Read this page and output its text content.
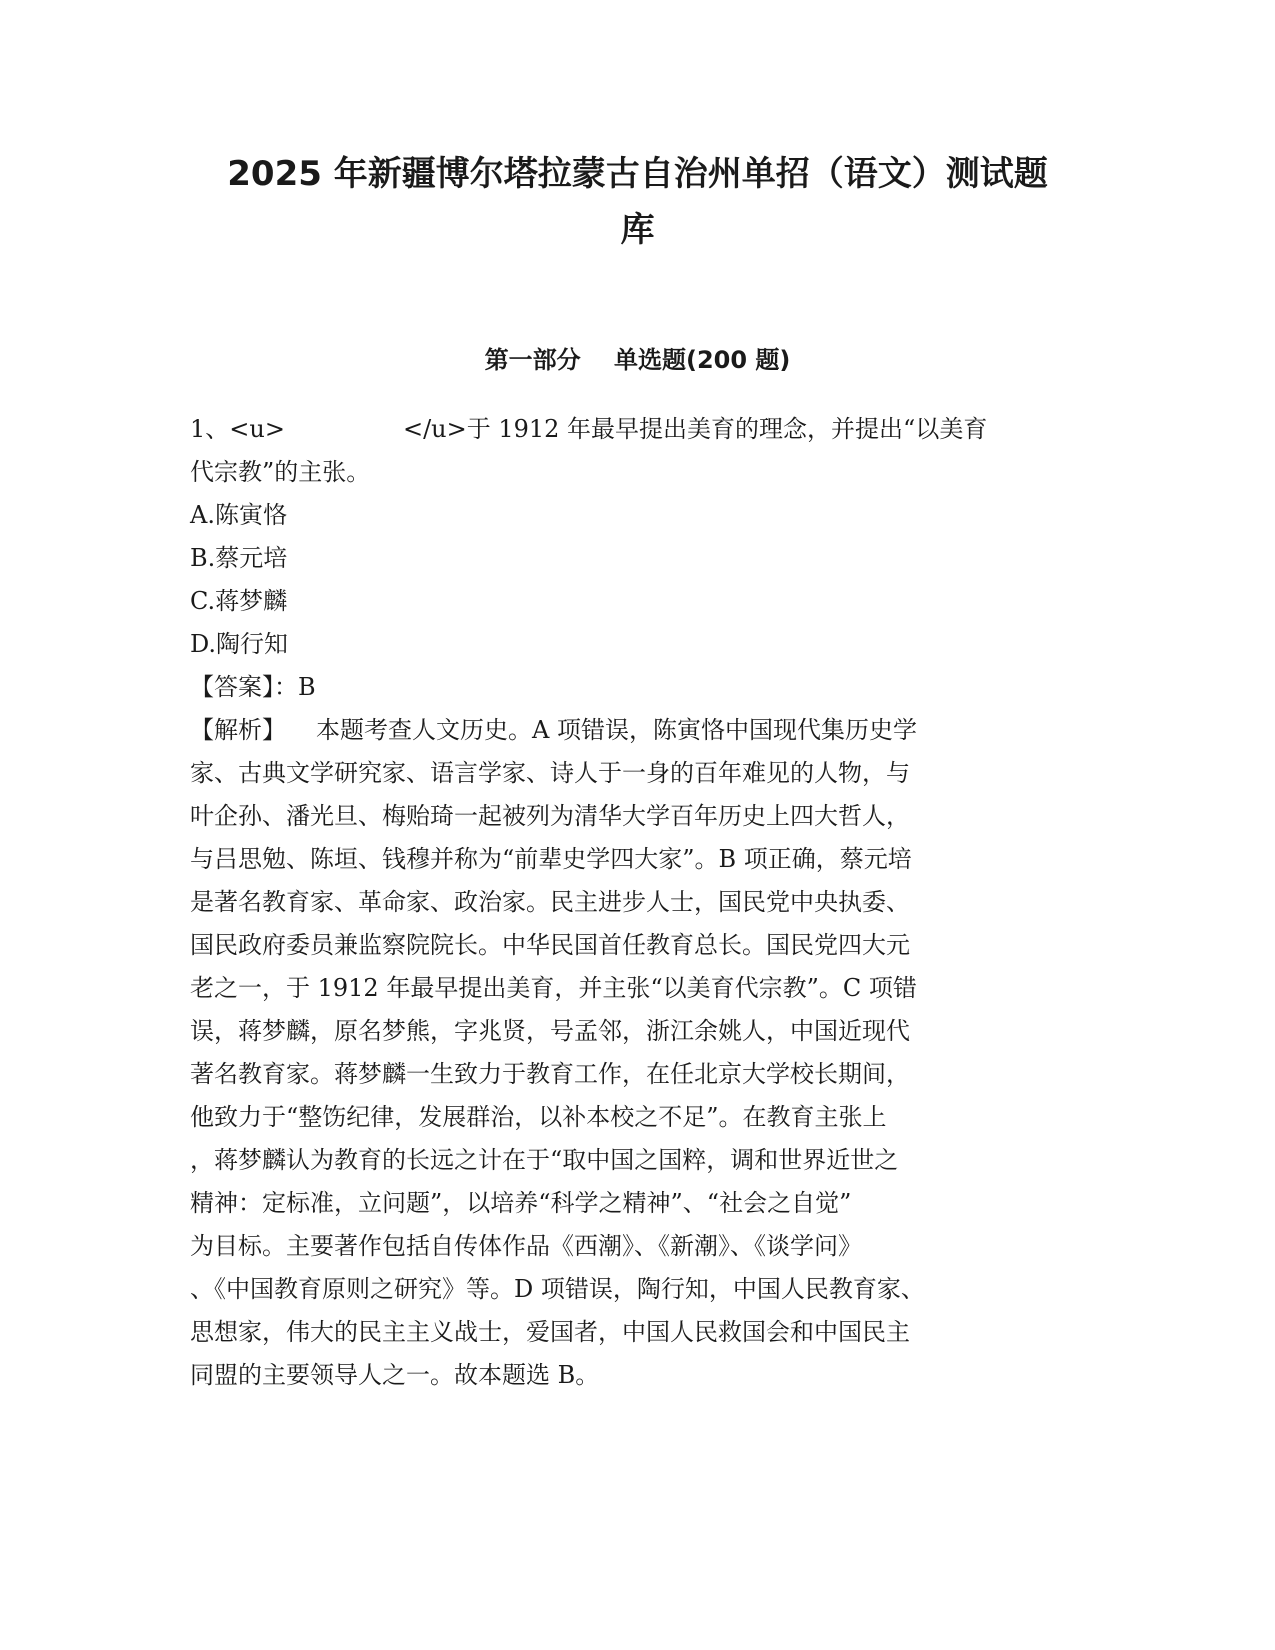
2025 年新疆博尔塔拉蒙古自治州单招（语文）测试题
库
第一部分    单选题(200 题)
1、<u>	</u>于 1912 年最早提出美育的理念，并提出“以美育
代宗教”的主张。
A.陈寅恪
B.蔡元培
C.蒋梦麟
D.陶行知
【答案】：B
【解析】 本题考查人文历史。A 项错误，陈寅恪中国现代集历史学
家、古典文学研究家、语言学家、诗人于一身的百年难见的人物，与
叶企孙、潘光旦、梅贻琦一起被列为清华大学百年历史上四大哲人，
与吕思勉、陈垣、钱穆并称为“前辈史学四大家”。B 项正确，蔡元培
是著名教育家、革命家、政治家。民主进步人士，国民党中央执委、
国民政府委员兼监察院院长。中华民国首任教育总长。国民党四大元
老之一，于 1912 年最早提出美育，并主张“以美育代宗教”。C 项错
误，蒋梦麟，原名梦熊，字兆贤，号孟邻，浙江余姚人，中国近现代
著名教育家。蒋梦麟一生致力于教育工作，在任北京大学校长期间，
他致力于“整饬纪律，发展群治，以补本校之不足”。在教育主张上
，蒋梦麟认为教育的长远之计在于“取中国之国粹，调和世界近世之
精神：定标准，立问题”，以培养“科学之精神”、“社会之自觉”
为目标。主要著作包括自传体作品《西潮》、《新潮》、《谈学问》
、《中国教育原则之研究》等。D 项错误，陶行知，中国人民教育家、
思想家，伟大的民主主义战士，爱国者，中国人民救国会和中国民主
同盟的主要领导人之一。故本题选 B。
